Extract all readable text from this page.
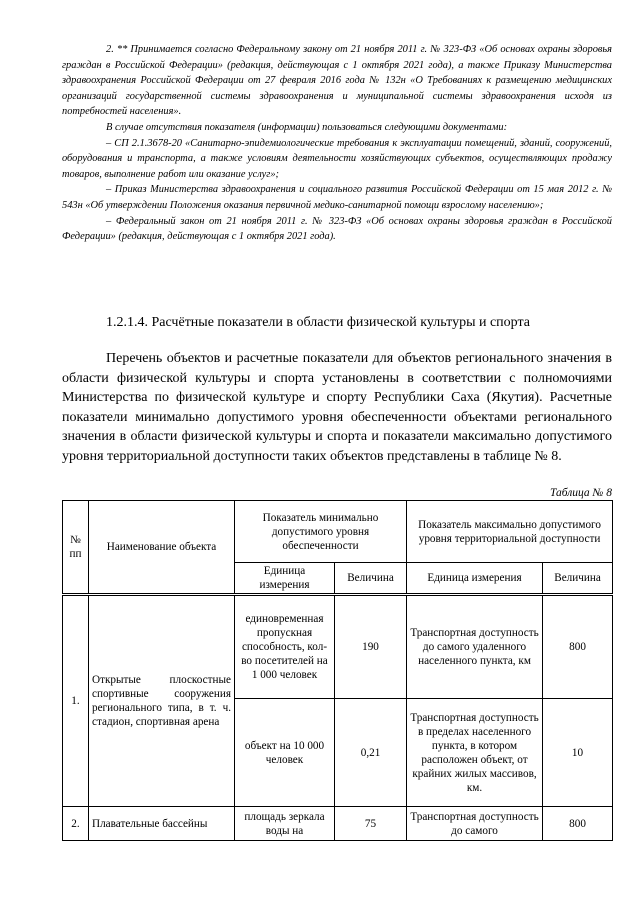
2. ** Принимается согласно Федеральному закону от 21 ноября 2011 г. № 323-ФЗ «Об основах охраны здоровья граждан в Российской Федерации» (редакция, действующая с 1 октября 2021 года), а также Приказу Министерства здравоохранения Российской Федерации от 27 февраля 2016 года № 132н «О Требованиях к размещению медицинских организаций государственной системы здравоохранения и муниципальной системы здравоохранения исходя из потребностей населения».

В случае отсутствия показателя (информации) пользоваться следующими документами:

– СП 2.1.3678-20 «Санитарно-эпидемиологические требования к эксплуатации помещений, зданий, сооружений, оборудования и транспорта, а также условиям деятельности хозяйствующих субъектов, осуществляющих продажу товаров, выполнение работ или оказание услуг»;

– Приказ Министерства здравоохранения и социального развития Российской Федерации от 15 мая 2012 г. № 543н «Об утверждении Положения оказания первичной медико-санитарной помощи взрослому населению»;

– Федеральный закон от 21 ноября 2011 г. № 323-ФЗ «Об основах охраны здоровья граждан в Российской Федерации» (редакция, действующая с 1 октября 2021 года).

1.2.1.4. Расчётные показатели в области физической культуры и спорта

Перечень объектов и расчетные показатели для объектов регионального значения в области физической культуры и спорта установлены в соответствии с полномочиями Министерства по физической культуре и спорту Республики Саха (Якутия). Расчетные показатели минимально допустимого уровня обеспеченности объектами регионального значения в области физической культуры и спорта и показатели максимально допустимого уровня территориальной доступности таких объектов представлены в таблице № 8.

Таблица № 8
№ пп	Наименование объекта	Показатель минимально допустимого уровня обеспеченности		Показатель максимально допустимого уровня территориальной доступности	
		Единица измерения	Величина	Единица измерения	Величина
1.	Открытые плоскостные спортивные сооружения регионального типа, в т. ч. стадион, спортивная арена	единовременная пропускная способность, кол-во посетителей на 1 000 человек	190	Транспортная доступность до самого удаленного населенного пункта, км	800
		объект на 10 000 человек	0,21	Транспортная доступность в пределах населенного пункта, в котором расположен объект, от крайних жилых массивов, км.	10
2.	Плавательные бассейны	площадь зеркала воды на	75	Транспортная доступность до самого	800
